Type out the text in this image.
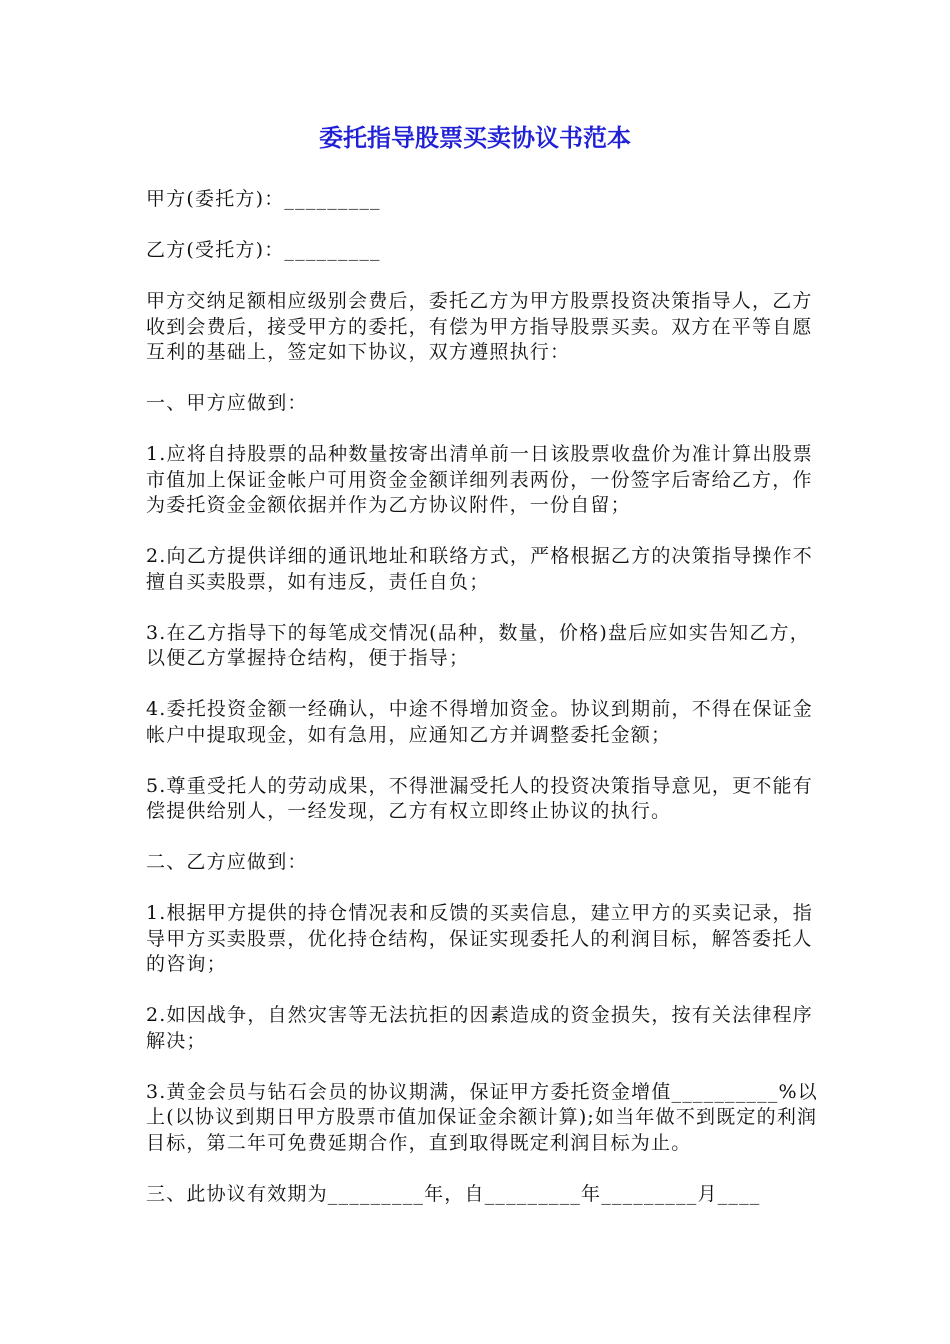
委托指导股票买卖协议书范本

甲方(委托方)：_________

乙方(受托方)：_________

甲方交纳足额相应级别会费后，委托乙方为甲方股票投资决策指导人，乙方收到会费后，接受甲方的委托，有偿为甲方指导股票买卖。双方在平等自愿互利的基础上，签定如下协议，双方遵照执行：

一、甲方应做到：

1.应将自持股票的品种数量按寄出清单前一日该股票收盘价为准计算出股票市值加上保证金帐户可用资金金额详细列表两份，一份签字后寄给乙方，作为委托资金金额依据并作为乙方协议附件，一份自留；

2.向乙方提供详细的通讯地址和联络方式，严格根据乙方的决策指导操作不擅自买卖股票，如有违反，责任自负；

3.在乙方指导下的每笔成交情况(品种，数量，价格)盘后应如实告知乙方，以便乙方掌握持仓结构，便于指导；

4.委托投资金额一经确认，中途不得增加资金。协议到期前，不得在保证金帐户中提取现金，如有急用，应通知乙方并调整委托金额；

5.尊重受托人的劳动成果，不得泄漏受托人的投资决策指导意见，更不能有偿提供给别人，一经发现，乙方有权立即终止协议的执行。

二、乙方应做到：

1.根据甲方提供的持仓情况表和反馈的买卖信息，建立甲方的买卖记录，指导甲方买卖股票，优化持仓结构，保证实现委托人的利润目标，解答委托人的咨询；

2.如因战争，自然灾害等无法抗拒的因素造成的资金损失，按有关法律程序解决；

3.黄金会员与钻石会员的协议期满，保证甲方委托资金增值__________%以上(以协议到期日甲方股票市值加保证金余额计算);如当年做不到既定的利润目标，第二年可免费延期合作，直到取得既定利润目标为止。

三、此协议有效期为_________年，自_________年_________月____
